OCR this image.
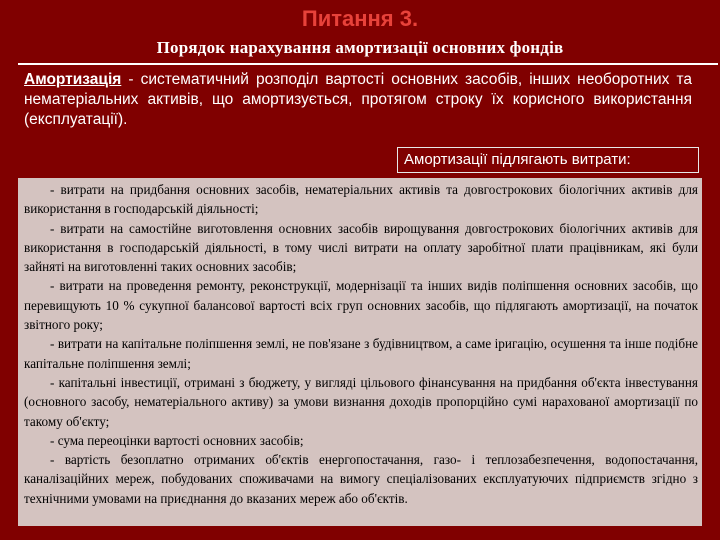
Питання 3.
Порядок нарахування амортизації основних фондів
Амортизація - систематичний розподіл вартості основних засобів, інших необоротних та нематеріальних активів, що амортизується, протягом строку їх корисного використання (експлуатації).
Амортизації підлягають витрати:

- витрати на придбання основних засобів, нематеріальних активів та довгострокових біологічних активів для використання в господарській діяльності;

- витрати на самостійне виготовлення основних засобів вирощування довгострокових біологічних активів для використання в господарській діяльності, в тому числі витрати на оплату заробітної плати працівникам, які були зайняті на виготовленні таких основних засобів;

- витрати на проведення ремонту, реконструкції, модернізації та інших видів поліпшення основних засобів, що перевищують 10 % сукупної балансової вартості всіх груп основних засобів, що підлягають амортизації, на початок звітного року;

- витрати на капітальне поліпшення землі, не пов'язане з будівництвом, а саме іригацію, осушення та інше подібне капітальне поліпшення землі;

- капітальні інвестиції, отримані з бюджету, у вигляді цільового фінансування на придбання об'єкта інвестування (основного засобу, нематеріального активу) за умови визнання доходів пропорційно сумі нарахованої амортизації по такому об'єкту;

- сума переоцінки вартості основних засобів;

- вартість безоплатно отриманих об'єктів енергопостачання, газо- і теплозабезпечення, водопостачання, каналізаційних мереж, побудованих споживачами на вимогу спеціалізованих експлуатуючих підприємств згідно з технічними умовами на приєднання до вказаних мереж або об'єктів.
